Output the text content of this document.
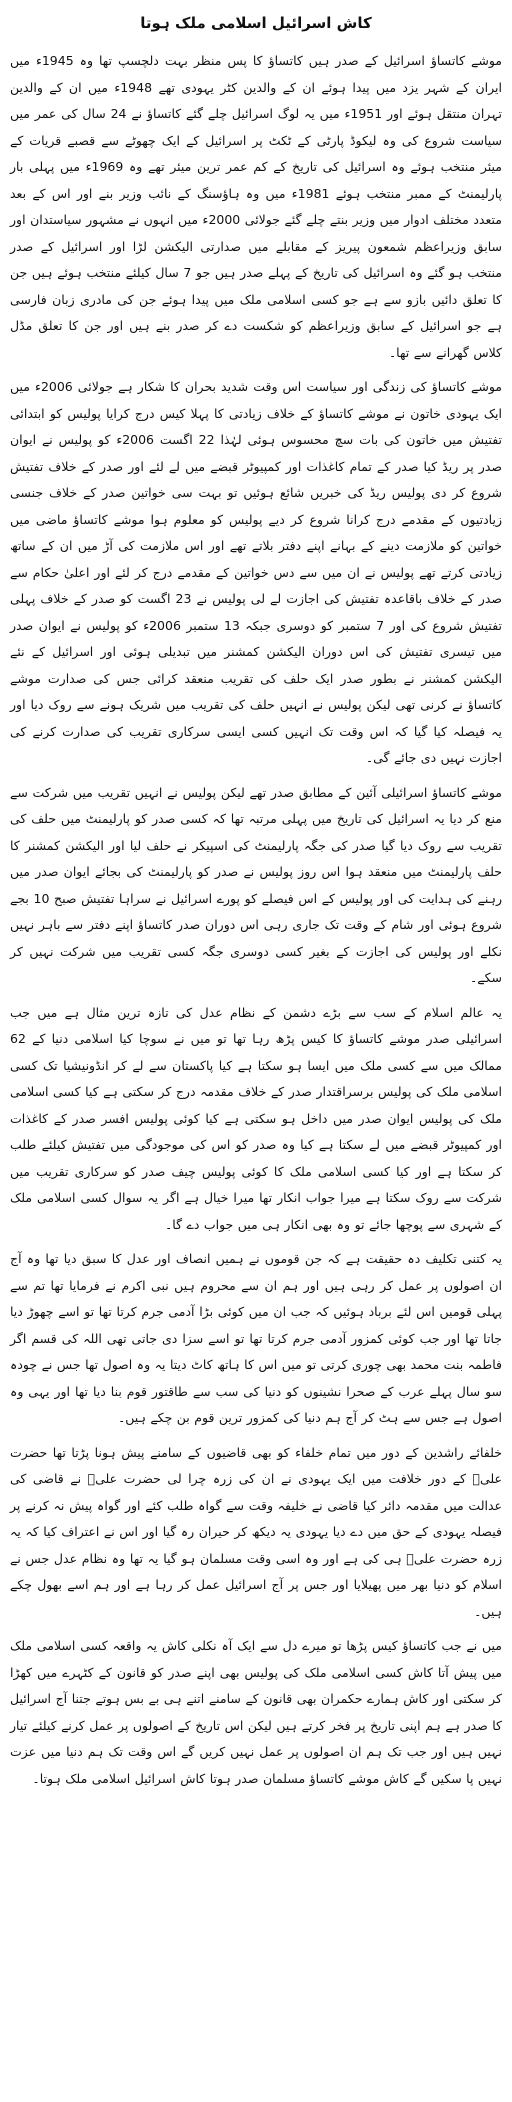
کاش اسرائیل اسلامی ملک ہوتا

موشے کاتساؤ اسرائیل کے صدر ہیں کاتساؤ کا پس منظر بہت دلچسپ تھا وہ 1945ء میں ایران کے شہر یزد میں پیدا ہوئے ان کے والدین کٹر یہودی تھے 1948ء میں ان کے والدین تہران منتقل ہوئے اور 1951ء میں یہ لوگ اسرائیل چلے گئے کاتساؤ نے 24 سال کی عمر میں سیاست شروع کی وہ لیکوڈ پارٹی کے ٹکٹ پر اسرائیل کے ایک چھوٹے سے قصبے قریات کے میئر منتخب ہوئے وہ اسرائیل کی تاریخ کے کم عمر ترین میئر تھے وہ 1969ء میں پہلی بار پارلیمنٹ کے ممبر منتخب ہوئے 1981ء میں وہ ہاؤسنگ کے نائب وزیر بنے اور اس کے بعد متعدد مختلف ادوار میں وزیر بنتے چلے گئے جولائی 2000ء میں انہوں نے مشہور سیاستدان اور سابق وزیراعظم شمعون پیریز کے مقابلے میں صدارتی الیکشن لڑا اور اسرائیل کے صدر منتخب ہو گئے وہ اسرائیل کی تاریخ کے پہلے صدر ہیں جو 7 سال کیلئے منتخب ہوئے ہیں جن کا تعلق دائیں بازو سے ہے جو کسی اسلامی ملک میں پیدا ہوئے جن کی مادری زبان فارسی ہے جو اسرائیل کے سابق وزیراعظم کو شکست دے کر صدر بنے ہیں اور جن کا تعلق مڈل کلاس گھرانے سے تھا۔

موشے کاتساؤ کی زندگی اور سیاست اس وقت شدید بحران کا شکار ہے جولائی 2006ء میں ایک یہودی خاتون نے موشے کاتساؤ کے خلاف زیادتی کا پہلا کیس درج کرایا پولیس کو ابتدائی تفتیش میں خاتون کی بات سچ محسوس ہوئی لہٰذا 22 اگست 2006ء کو پولیس نے ایوان صدر پر ریڈ کیا صدر کے تمام کاغذات اور کمپیوٹر قبضے میں لے لئے اور صدر کے خلاف تفتیش شروع کر دی پولیس ریڈ کی خبریں شائع ہوئیں تو بہت سی خواتین صدر کے خلاف جنسی زیادتیوں کے مقدمے درج کرانا شروع کر دیے پولیس کو معلوم ہوا موشے کاتساؤ ماضی میں خواتین کو ملازمت دینے کے بہانے اپنے دفتر بلاتے تھے اور اس ملازمت کی آڑ میں ان کے ساتھ زیادتی کرتے تھے پولیس نے ان میں سے دس خواتین کے مقدمے درج کر لئے اور اعلیٰ حکام سے صدر کے خلاف باقاعدہ تفتیش کی اجازت لے لی پولیس نے 23 اگست کو صدر کے خلاف پہلی تفتیش شروع کی اور 7 ستمبر کو دوسری جبکہ 13 ستمبر 2006ء کو پولیس نے ایوان صدر میں تیسری تفتیش کی اس دوران الیکشن کمشنر میں تبدیلی ہوئی اور اسرائیل کے نئے الیکشن کمشنر نے بطور صدر ایک حلف کی تقریب منعقد کرائی جس کی صدارت موشے کاتساؤ نے کرنی تھی لیکن پولیس نے انہیں حلف کی تقریب میں شریک ہونے سے روک دیا اور یہ فیصلہ کیا گیا کہ اس وقت تک انہیں کسی ایسی سرکاری تقریب کی صدارت کرنے کی اجازت نہیں دی جائے گی۔

موشے کاتساؤ اسرائیلی آئین کے مطابق صدر تھے لیکن پولیس نے انہیں تقریب میں شرکت سے منع کر دیا یہ اسرائیل کی تاریخ میں پہلی مرتبہ تھا کہ کسی صدر کو پارلیمنٹ میں حلف کی تقریب سے روک دیا گیا صدر کی جگہ پارلیمنٹ کی اسپیکر نے حلف لیا اور الیکشن کمشنر کا حلف پارلیمنٹ میں منعقد ہوا اس روز پولیس نے صدر کو پارلیمنٹ کی بجائے ایوان صدر میں رہنے کی ہدایت کی اور پولیس کے اس فیصلے کو پورے اسرائیل نے سراہا تفتیش صبح 10 بجے شروع ہوئی اور شام کے وقت تک جاری رہی اس دوران صدر کاتساؤ اپنے دفتر سے باہر نہیں نکلے اور پولیس کی اجازت کے بغیر کسی دوسری جگہ کسی تقریب میں شرکت نہیں کر سکے۔

یہ عالم اسلام کے سب سے بڑے دشمن کے نظام عدل کی تازہ ترین مثال ہے میں جب اسرائیلی صدر موشے کاتساؤ کا کیس پڑھ رہا تھا تو میں نے سوچا کیا اسلامی دنیا کے 62 ممالک میں سے کسی ملک میں ایسا ہو سکتا ہے کیا پاکستان سے لے کر انڈونیشیا تک کسی اسلامی ملک کی پولیس برسراقتدار صدر کے خلاف مقدمہ درج کر سکتی ہے کیا کسی اسلامی ملک کی پولیس ایوان صدر میں داخل ہو سکتی ہے کیا کوئی پولیس افسر صدر کے کاغذات اور کمپیوٹر قبضے میں لے سکتا ہے کیا وہ صدر کو اس کی موجودگی میں تفتیش کیلئے طلب کر سکتا ہے اور کیا کسی اسلامی ملک کا کوئی پولیس چیف صدر کو سرکاری تقریب میں شرکت سے روک سکتا ہے میرا جواب انکار تھا میرا خیال ہے اگر یہ سوال کسی اسلامی ملک کے شہری سے پوچھا جائے تو وہ بھی انکار ہی میں جواب دے گا۔

یہ کتنی تکلیف دہ حقیقت ہے کہ جن قوموں نے ہمیں انصاف اور عدل کا سبق دیا تھا وہ آج ان اصولوں پر عمل کر رہی ہیں اور ہم ان سے محروم ہیں نبی اکرم نے فرمایا تھا تم سے پہلی قومیں اس لئے برباد ہوئیں کہ جب ان میں کوئی بڑا آدمی جرم کرتا تھا تو اسے چھوڑ دیا جاتا تھا اور جب کوئی کمزور آدمی جرم کرتا تھا تو اسے سزا دی جاتی تھی اللہ کی قسم اگر فاطمہ بنت محمد بھی چوری کرتی تو میں اس کا ہاتھ کاٹ دیتا یہ وہ اصول تھا جس نے چودہ سو سال پہلے عرب کے صحرا نشینوں کو دنیا کی سب سے طاقتور قوم بنا دیا تھا اور یہی وہ اصول ہے جس سے ہٹ کر آج ہم دنیا کی کمزور ترین قوم بن چکے ہیں۔

خلفائے راشدین کے دور میں تمام خلفاء کو بھی قاضیوں کے سامنے پیش ہونا پڑتا تھا حضرت علیؓ کے دور خلافت میں ایک یہودی نے ان کی زرہ چرا لی حضرت علیؓ نے قاضی کی عدالت میں مقدمہ دائر کیا قاضی نے خلیفہ وقت سے گواہ طلب کئے اور گواہ پیش نہ کرنے پر فیصلہ یہودی کے حق میں دے دیا یہودی یہ دیکھ کر حیران رہ گیا اور اس نے اعتراف کیا کہ یہ زرہ حضرت علیؓ ہی کی ہے اور وہ اسی وقت مسلمان ہو گیا یہ تھا وہ نظام عدل جس نے اسلام کو دنیا بھر میں پھیلایا اور جس پر آج اسرائیل عمل کر رہا ہے اور ہم اسے بھول چکے ہیں۔

میں نے جب کاتساؤ کیس پڑھا تو میرے دل سے ایک آہ نکلی کاش یہ واقعہ کسی اسلامی ملک میں پیش آتا کاش کسی اسلامی ملک کی پولیس بھی اپنے صدر کو قانون کے کٹہرے میں کھڑا کر سکتی اور کاش ہمارے حکمران بھی قانون کے سامنے اتنے ہی بے بس ہوتے جتنا آج اسرائیل کا صدر ہے ہم اپنی تاریخ پر فخر کرتے ہیں لیکن اس تاریخ کے اصولوں پر عمل کرنے کیلئے تیار نہیں ہیں اور جب تک ہم ان اصولوں پر عمل نہیں کریں گے اس وقت تک ہم دنیا میں عزت نہیں پا سکیں گے کاش موشے کاتساؤ مسلمان صدر ہوتا کاش اسرائیل اسلامی ملک ہوتا۔
